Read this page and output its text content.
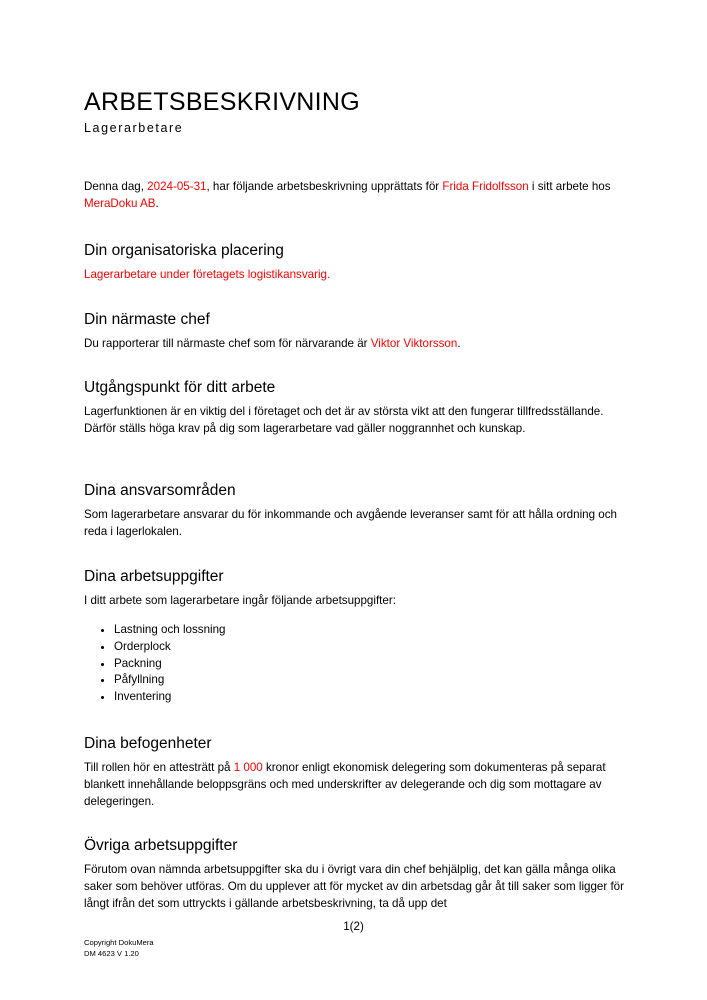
ARBETSBESKRIVNING
Lagerarbetare
Denna dag, 2024-05-31, har följande arbetsbeskrivning upprättats för Frida Fridolfsson i sitt arbete hos MeraDoku AB.
Din organisatoriska placering

Lagerarbetare under företagets logistikansvarig.

Din närmaste chef

Du rapporterar till närmaste chef som för närvarande är Viktor Viktorsson.

Utgångspunkt för ditt arbete

Lagerfunktionen är en viktig del i företaget och det är av största vikt att den fungerar tillfredsställande. Därför ställs höga krav på dig som lagerarbetare vad gäller noggrannhet och kunskap.

Dina ansvarsområden

Som lagerarbetare ansvarar du för inkommande och avgående leveranser samt för att hålla ordning och reda i lagerlokalen.

Dina arbetsuppgifter

I ditt arbete som lagerarbetare ingår följande arbetsuppgifter:

• Lastning och lossning
• Orderplock
• Packning
• Påfyllning
• Inventering
Dina befogenheter

Till rollen hör en attesträtt på 1 000 kronor enligt ekonomisk delegering som dokumenteras på separat blankett innehållande beloppsgräns och med underskrifter av delegerande och dig som mottagare av delegeringen.

Övriga arbetsuppgifter

Förutom ovan nämnda arbetsuppgifter ska du i övrigt vara din chef behjälplig, det kan gälla många olika saker som behöver utföras. Om du upplever att för mycket av din arbetsdag går åt till saker som ligger för långt ifrån det som uttryckts i gällande arbetsbeskrivning, ta då upp det

1(2)
Copyright DokuMera
DM 4623 V 1.20
